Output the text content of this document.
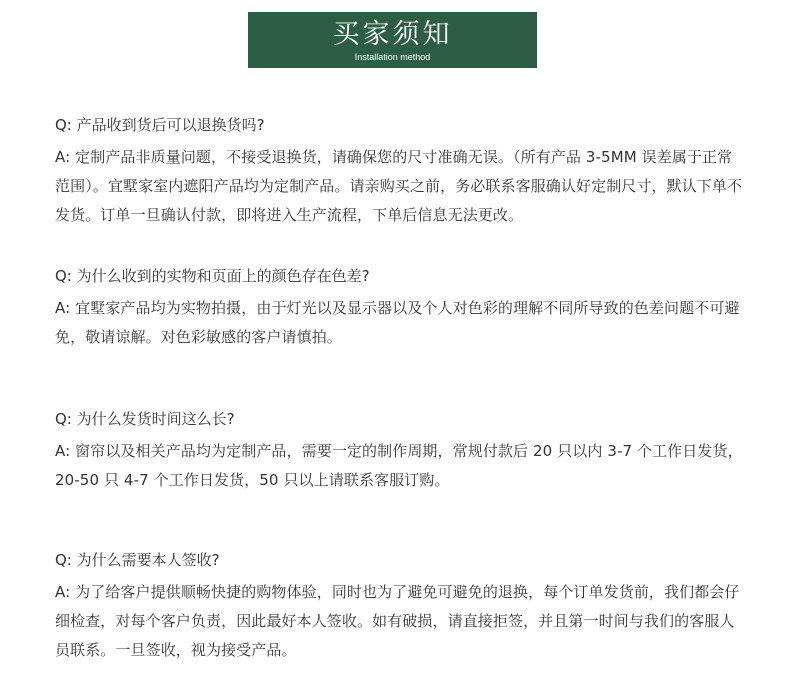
买家须知
Installation method

Q: 产品收到货后可以退换货吗?

A: 定制产品非质量问题，不接受退换货，请确保您的尺寸准确无误。（所有产品 3-5MM 误差属于正常范围）。宜墅家室内遮阳产品均为定制产品。请亲购买之前，务必联系客服确认好定制尺寸，默认下单不发货。订单一旦确认付款，即将进入生产流程，下单后信息无法更改。

Q: 为什么收到的实物和页面上的颜色存在色差?

A: 宜墅家产品均为实物拍摄，由于灯光以及显示器以及个人对色彩的理解不同所导致的色差问题不可避免，敬请谅解。对色彩敏感的客户请慎拍。

Q: 为什么发货时间这么长?

A: 窗帘以及相关产品均为定制产品，需要一定的制作周期，常规付款后 20 只以内 3-7 个工作日发货，20-50 只 4-7 个工作日发货，50 只以上请联系客服订购。

Q: 为什么需要本人签收?

A: 为了给客户提供顺畅快捷的购物体验，同时也为了避免可避免的退换，每个订单发货前，我们都会仔细检查，对每个客户负责，因此最好本人签收。如有破损，请直接拒签，并且第一时间与我们的客服人员联系。一旦签收，视为接受产品。
